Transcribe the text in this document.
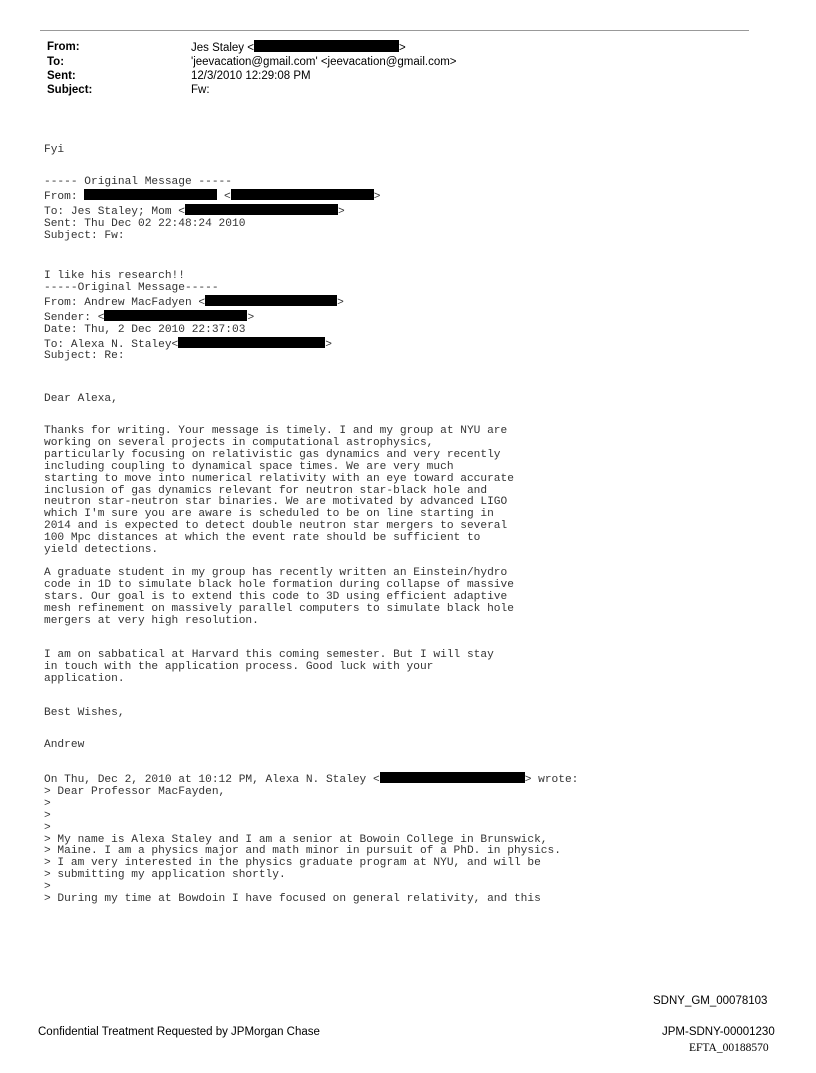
From:	Jes Staley <	>
To:	'jeevacation@gmail.com' <jeevacation@gmail.com>
Sent:	12/3/2010 12:29:08 PM
Subject:	Fw:
Fyi
----- Original Message -----
From:	<	>
To: Jes Staley; Mom <	>
Sent: Thu Dec 02 22:48:24 2010
Subject: Fw:
I like his research!!
-----Original Message-----
From: Andrew MacFadyen <	>
Sender: <	>
Date: Thu, 2 Dec 2010 22:37:03
To: Alexa N. Staley<	>
Subject: Re:
Dear Alexa,
Thanks for writing. Your message is timely. I and my group at NYU are
working on several projects in computational astrophysics,
particularly focusing on relativistic gas dynamics and very recently
including coupling to dynamical space times. We are very much
starting to move into numerical relativity with an eye toward accurate
inclusion of gas dynamics relevant for neutron star-black hole and
neutron star-neutron star binaries. We are motivated by advanced LIGO
which I'm sure you are aware is scheduled to be on line starting in
2014 and is expected to detect double neutron star mergers to several
100 Mpc distances at which the event rate should be sufficient to
yield detections.
A graduate student in my group has recently written an Einstein/hydro
code in 1D to simulate black hole formation during collapse of massive
stars. Our goal is to extend this code to 3D using efficient adaptive
mesh refinement on massively parallel computers to simulate black hole
mergers at very high resolution.
I am on sabbatical at Harvard this coming semester. But I will stay
in touch with the application process. Good luck with your
application.
Best Wishes,
Andrew
On Thu, Dec 2, 2010 at 10:12 PM, Alexa N. Staley <	> wrote:
> Dear Professor MacFayden,
>
>
>
> My name is Alexa Staley and I am a senior at Bowoin College in Brunswick,
> Maine. I am a physics major and math minor in pursuit of a PhD. in physics.
> I am very interested in the physics graduate program at NYU, and will be
> submitting my application shortly.
>
> During my time at Bowdoin I have focused on general relativity, and this
SDNY_GM_00078103
Confidential Treatment Requested by JPMorgan Chase	JPM-SDNY-00001230
EFTA_00188570
